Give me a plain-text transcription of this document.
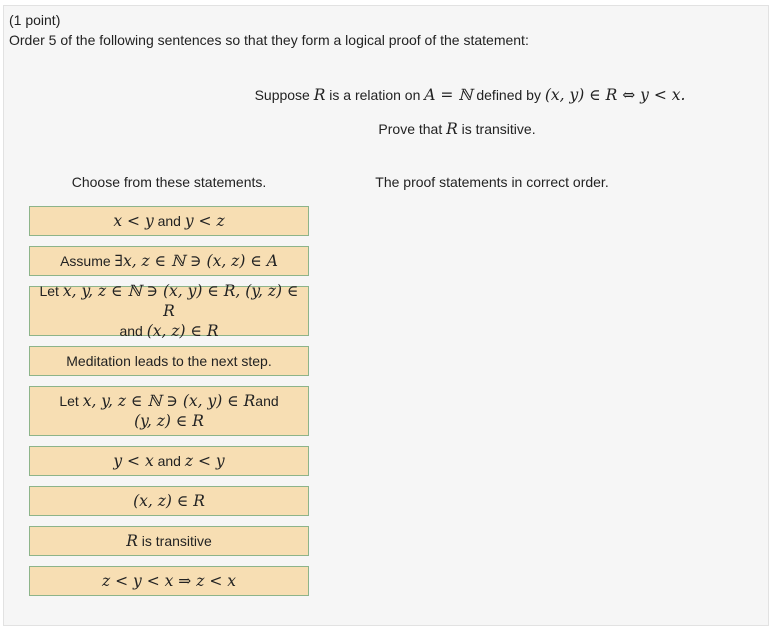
(1 point)
Order 5 of the following sentences so that they form a logical proof of the statement:
Suppose R is a relation on A = ℕ defined by (x, y) ∈ R ⇔ y < x.
Prove that R is transitive.
Choose from these statements.	The proof statements in correct order.
x < y and y < z
Assume ∃x, z ∈ ℕ ∋ (x, z) ∈ A
Let x, y, z ∈ ℕ ∋ (x, y) ∈ R, (y, z) ∈ R
and (x, z) ∈ R
Meditation leads to the next step.
Let x, y, z ∈ ℕ ∋ (x, y) ∈ Rand
(y, z) ∈ R
y < x and z < y
(x, z) ∈ R
R is transitive
z < y < x ⇒ z < x
